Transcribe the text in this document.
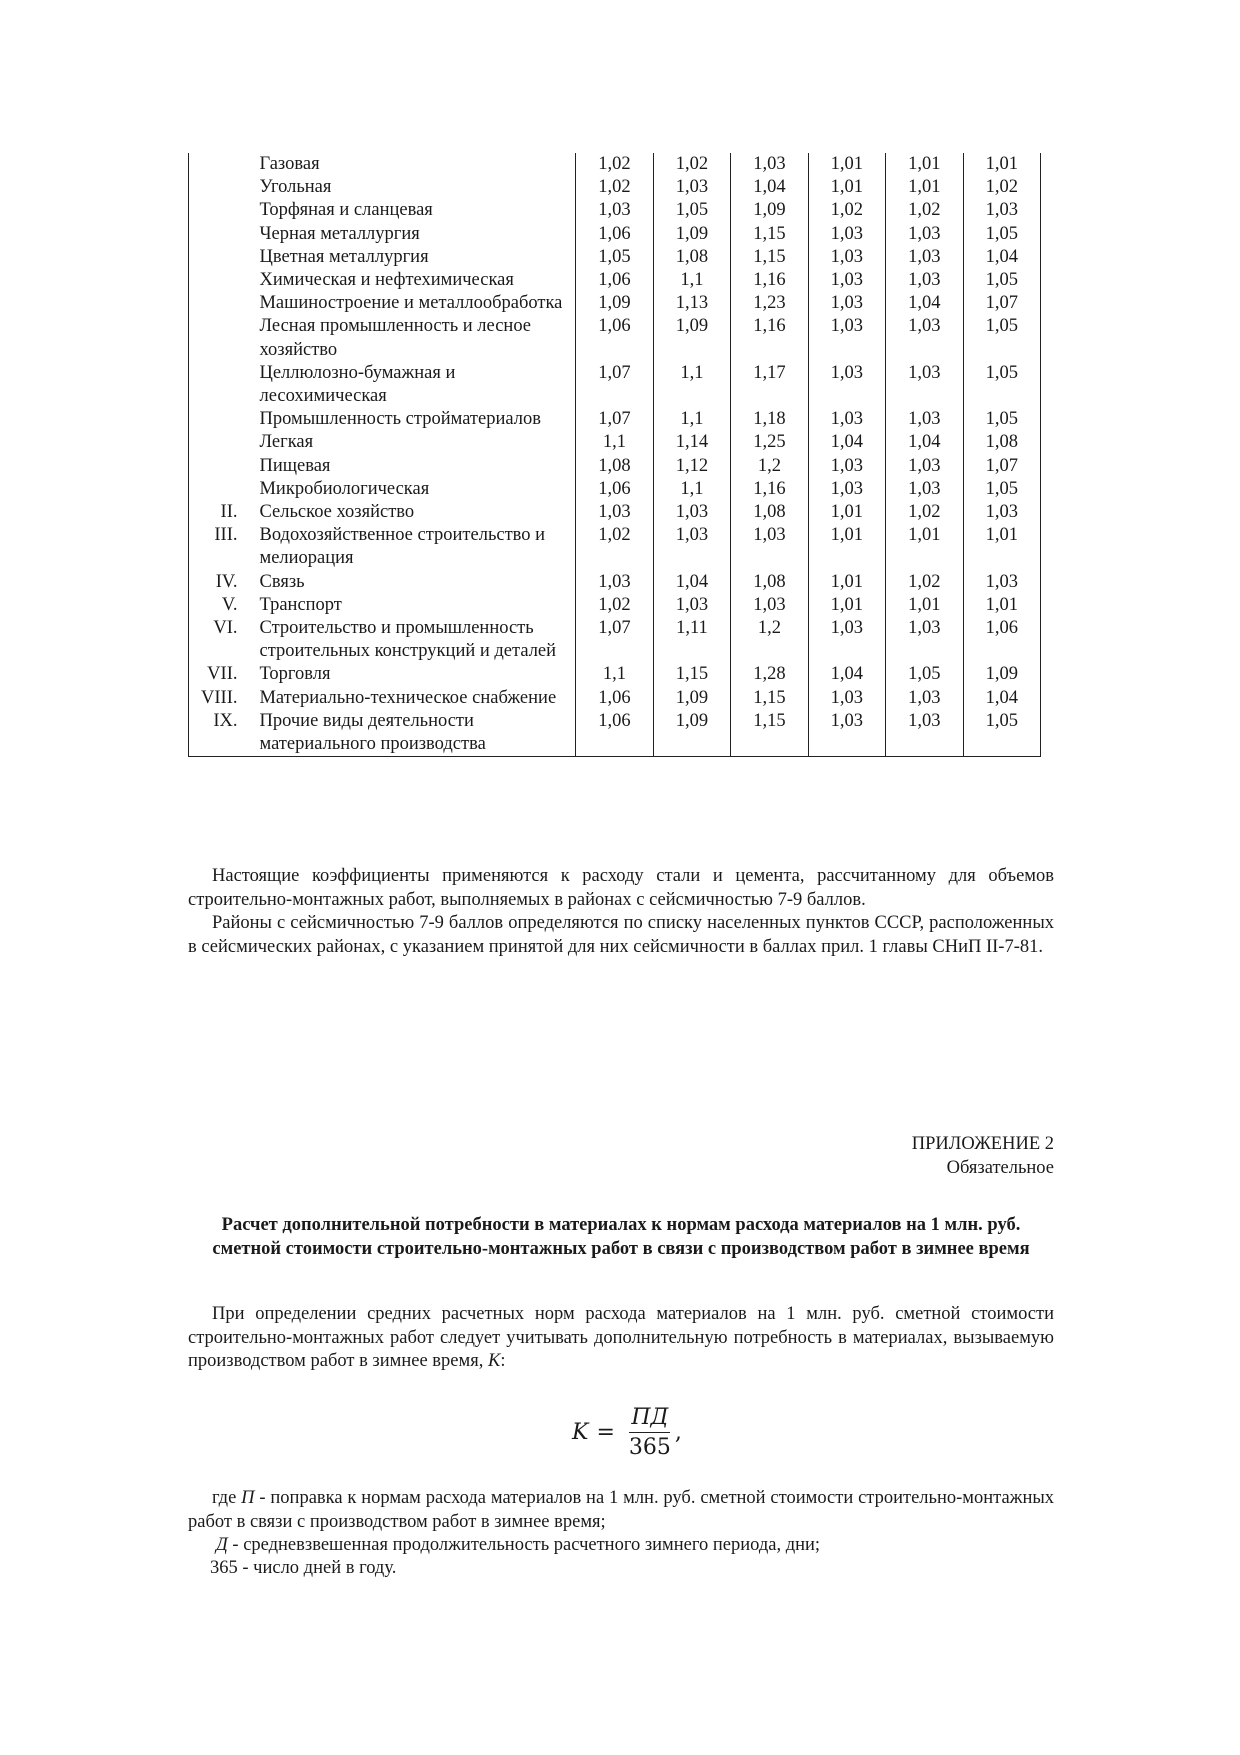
	Газовая	1,02	1,02	1,03	1,01	1,01	1,01
	Угольная	1,02	1,03	1,04	1,01	1,01	1,02
	Торфяная и сланцевая	1,03	1,05	1,09	1,02	1,02	1,03
	Черная металлургия	1,06	1,09	1,15	1,03	1,03	1,05
	Цветная металлургия	1,05	1,08	1,15	1,03	1,03	1,04
	Химическая и нефтехимическая	1,06	1,1	1,16	1,03	1,03	1,05
	Машиностроение и металлообработка	1,09	1,13	1,23	1,03	1,04	1,07
	Лесная промышленность и лесное хозяйство	1,06	1,09	1,16	1,03	1,03	1,05
	Целлюлозно-бумажная и лесохимическая	1,07	1,1	1,17	1,03	1,03	1,05
	Промышленность стройматериалов	1,07	1,1	1,18	1,03	1,03	1,05
	Легкая	1,1	1,14	1,25	1,04	1,04	1,08
	Пищевая	1,08	1,12	1,2	1,03	1,03	1,07
	Микробиологическая	1,06	1,1	1,16	1,03	1,03	1,05
II.	Сельское хозяйство	1,03	1,03	1,08	1,01	1,02	1,03
III.	Водохозяйственное строительство и мелиорация	1,02	1,03	1,03	1,01	1,01	1,01
IV.	Связь	1,03	1,04	1,08	1,01	1,02	1,03
V.	Транспорт	1,02	1,03	1,03	1,01	1,01	1,01
VI.	Строительство и промышленность строительных конструкций и деталей	1,07	1,11	1,2	1,03	1,03	1,06
VII.	Торговля	1,1	1,15	1,28	1,04	1,05	1,09
VIII.	Материально-техническое снабжение	1,06	1,09	1,15	1,03	1,03	1,04
IX.	Прочие виды деятельности материального производства	1,06	1,09	1,15	1,03	1,03	1,05

Настоящие коэффициенты применяются к расходу стали и цемента, рассчитанному для объемов строительно-монтажных работ, выполняемых в районах с сейсмичностью 7-9 баллов.

Районы с сейсмичностью 7-9 баллов определяются по списку населенных пунктов СССР, расположенных в сейсмических районах, с указанием принятой для них сейсмичности в баллах прил. 1 главы СНиП II-7-81.

ПРИЛОЖЕНИЕ 2
Обязательное

Расчет дополнительной потребности в материалах к нормам расхода материалов на 1 млн. руб. сметной стоимости строительно-монтажных работ в связи с производством работ в зимнее время

При определении средних расчетных норм расхода материалов на 1 млн. руб. сметной стоимости строительно-монтажных работ следует учитывать дополнительную потребность в материалах, вызываемую производством работ в зимнее время, K:

$K = \frac{ПД}{365}$ ,

где П - поправка к нормам расхода материалов на 1 млн. руб. сметной стоимости строительно-монтажных работ в связи с производством работ в зимнее время;

Д - средневзвешенная продолжительность расчетного зимнего периода, дни;

365 - число дней в году.
